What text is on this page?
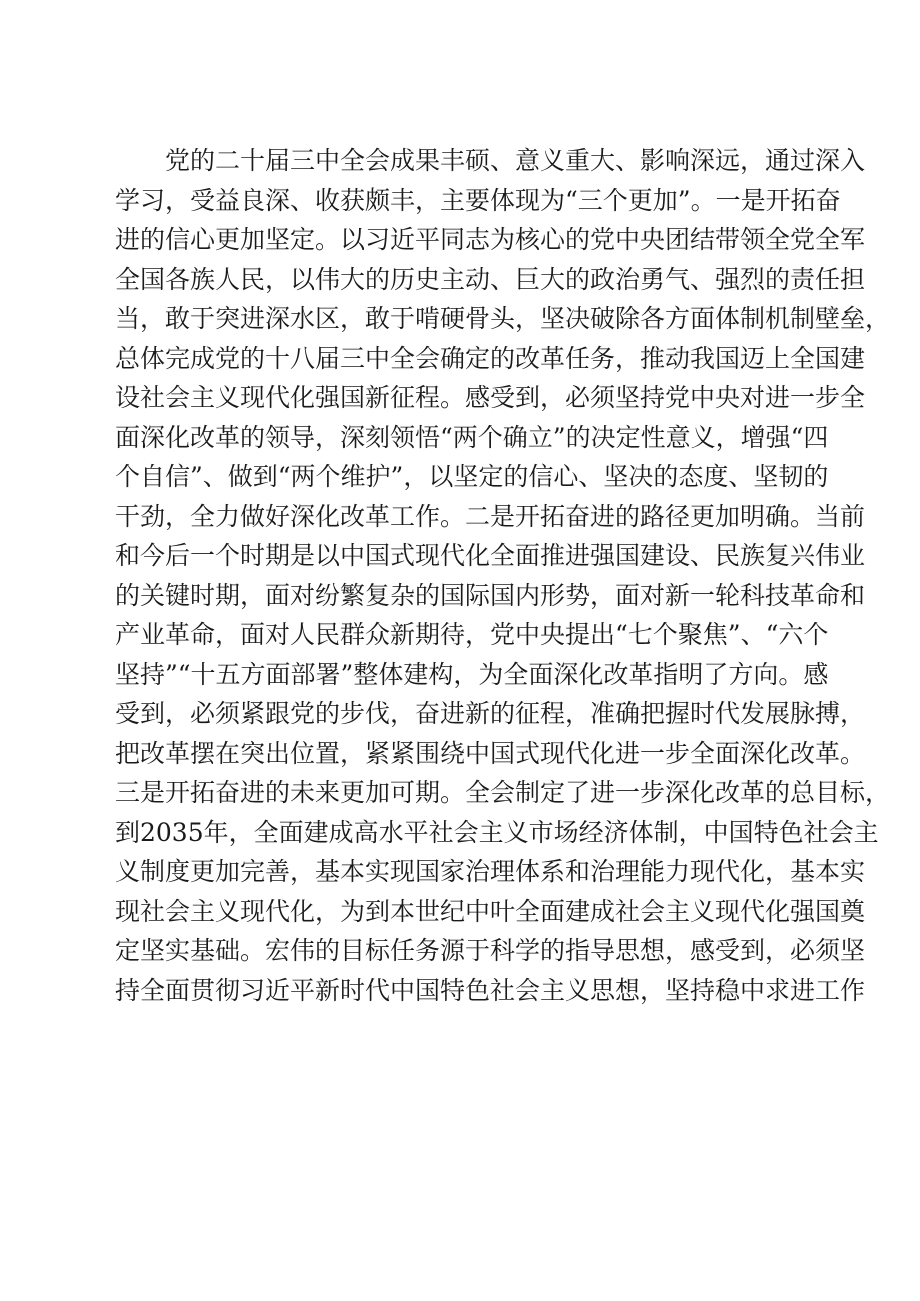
党的二十届三中全会成果丰硕、意义重大、影响深远，通过深入
学习，受益良深、收获颇丰，主要体现为“三个更加”。一是开拓奋
进的信心更加坚定。以习近平同志为核心的党中央团结带领全党全军
全国各族人民，以伟大的历史主动、巨大的政治勇气、强烈的责任担
当，敢于突进深水区，敢于啃硬骨头，坚决破除各方面体制机制壁垒，
总体完成党的十八届三中全会确定的改革任务，推动我国迈上全国建
设社会主义现代化强国新征程。感受到，必须坚持党中央对进一步全
面深化改革的领导，深刻领悟“两个确立”的决定性意义，增强“四
个自信”、做到“两个维护”，以坚定的信心、坚决的态度、坚韧的
干劲，全力做好深化改革工作。二是开拓奋进的路径更加明确。当前
和今后一个时期是以中国式现代化全面推进强国建设、民族复兴伟业
的关键时期，面对纷繁复杂的国际国内形势，面对新一轮科技革命和
产业革命，面对人民群众新期待，党中央提出“七个聚焦”、“六个
坚持”“十五方面部署”整体建构，为全面深化改革指明了方向。感
受到，必须紧跟党的步伐，奋进新的征程，准确把握时代发展脉搏，
把改革摆在突出位置，紧紧围绕中国式现代化进一步全面深化改革。
三是开拓奋进的未来更加可期。全会制定了进一步深化改革的总目标，
到2035年，全面建成高水平社会主义市场经济体制，中国特色社会主
义制度更加完善，基本实现国家治理体系和治理能力现代化，基本实
现社会主义现代化，为到本世纪中叶全面建成社会主义现代化强国奠
定坚实基础。宏伟的目标任务源于科学的指导思想，感受到，必须坚
持全面贯彻习近平新时代中国特色社会主义思想，坚持稳中求进工作
